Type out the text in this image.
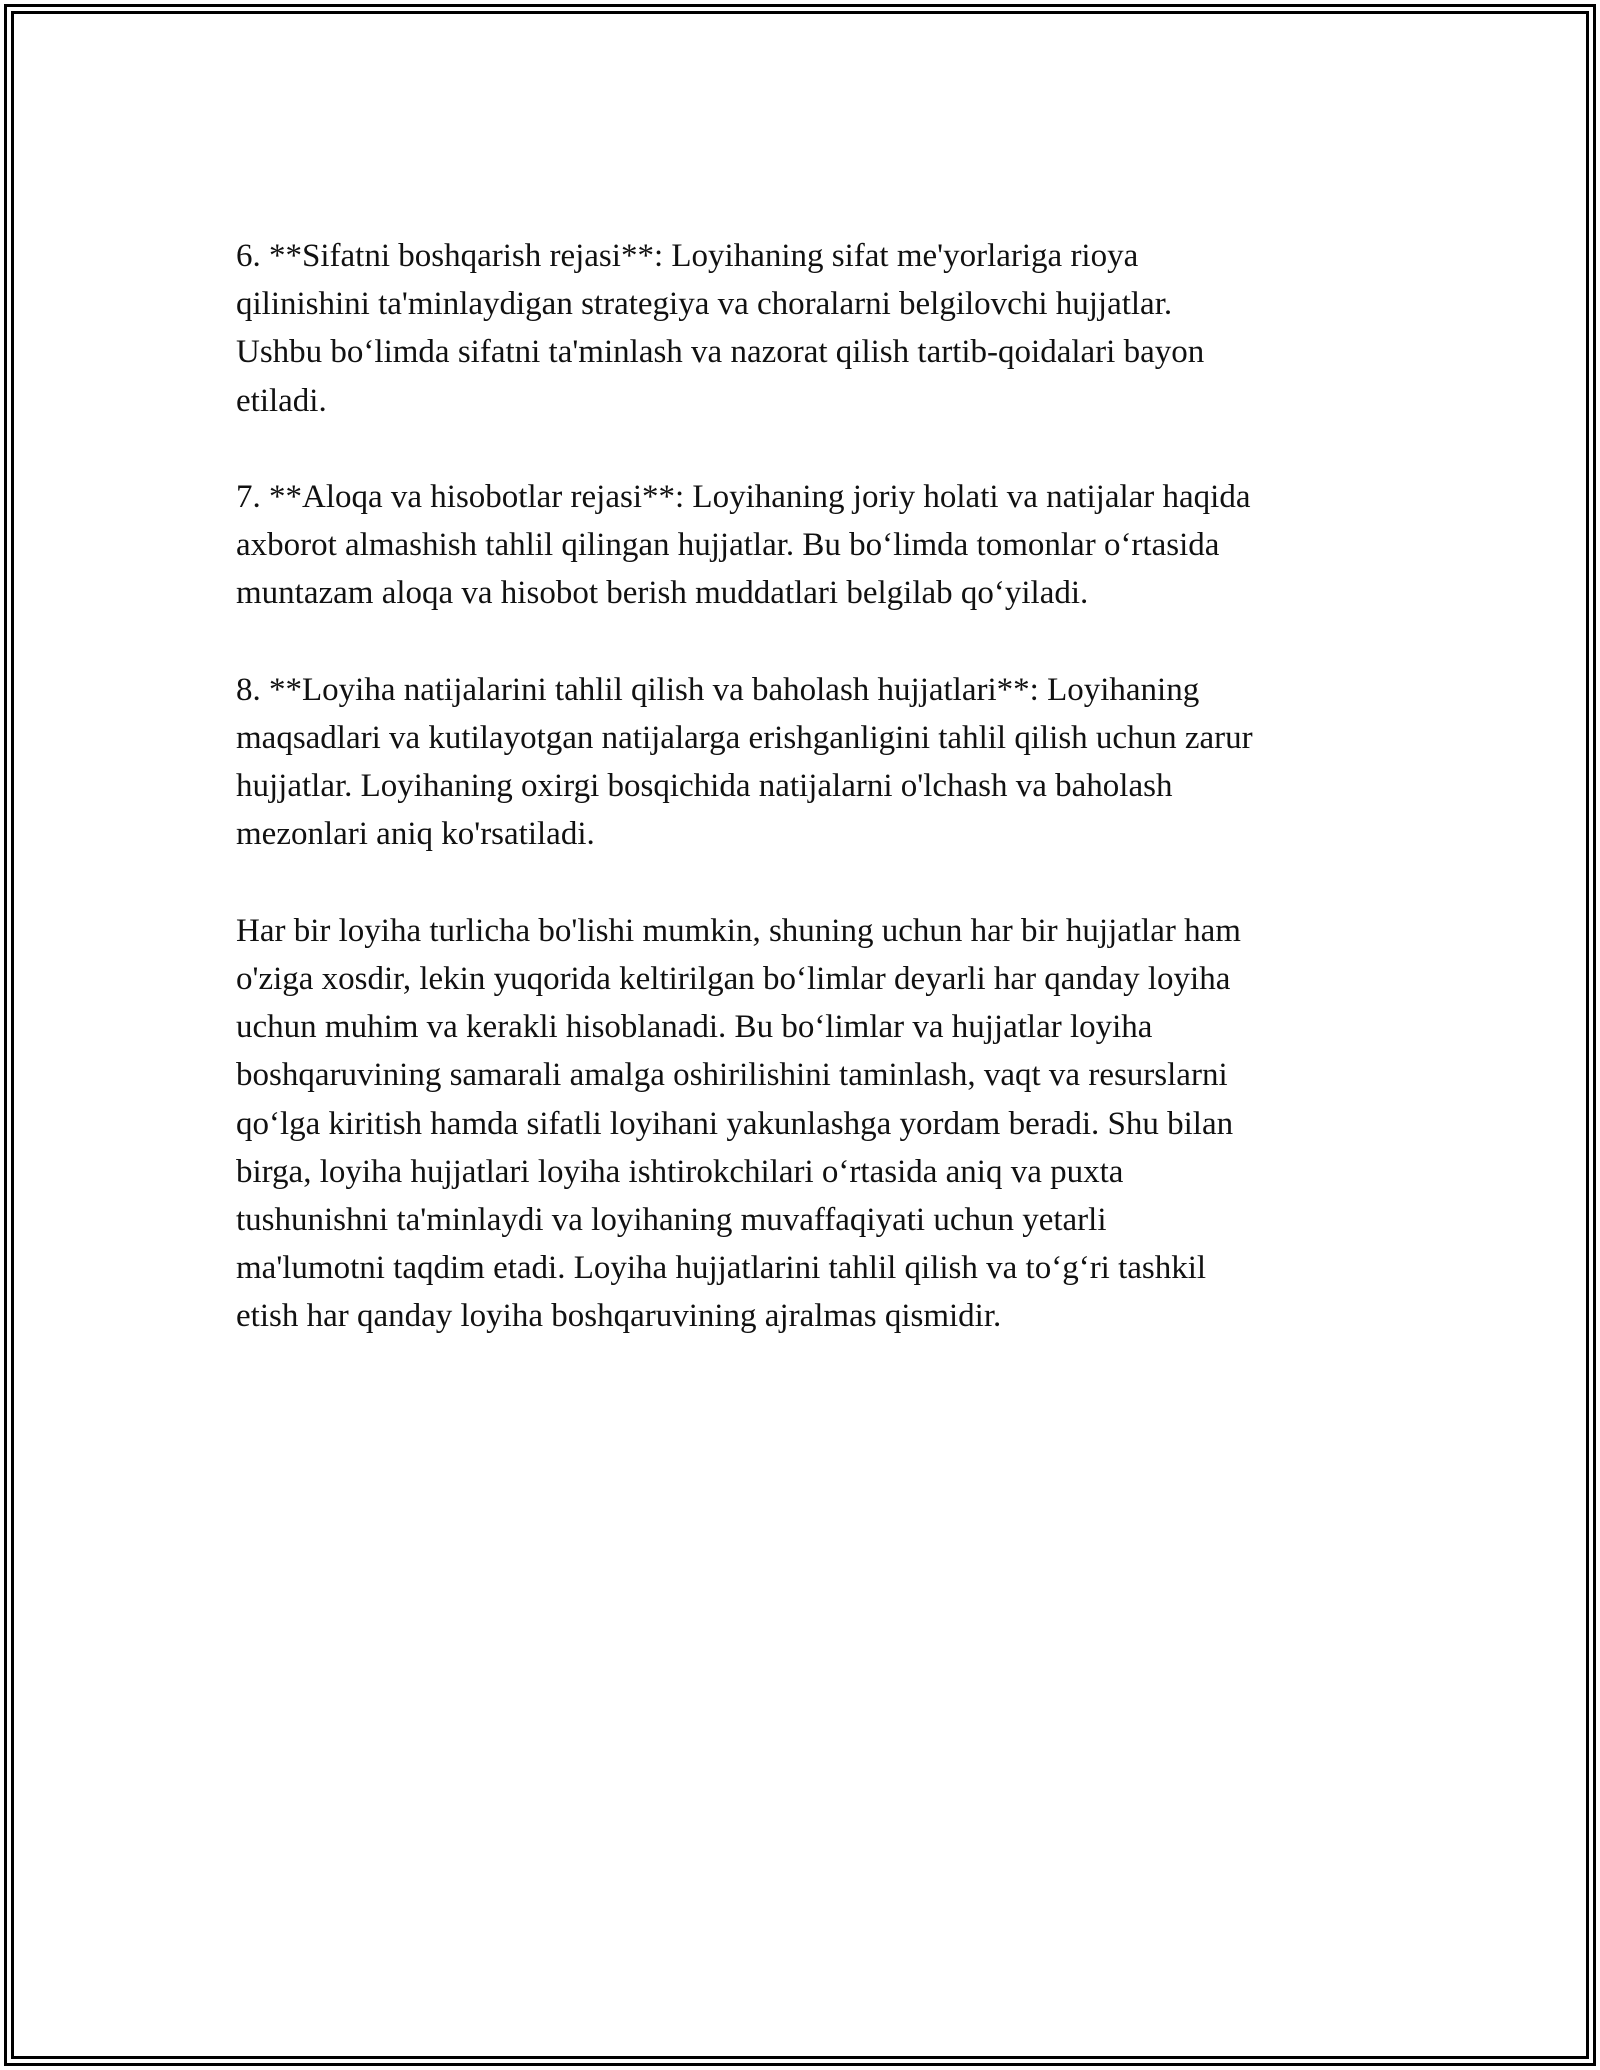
6. **Sifatni boshqarish rejasi**: Loyihaning sifat me'yorlariga rioya
qilinishini ta'minlaydigan strategiya va choralarni belgilovchi hujjatlar.
Ushbu bo‘limda sifatni ta'minlash va nazorat qilish tartib-qoidalari bayon
etiladi.

7. **Aloqa va hisobotlar rejasi**: Loyihaning joriy holati va natijalar haqida
axborot almashish tahlil qilingan hujjatlar. Bu bo‘limda tomonlar o‘rtasida
muntazam aloqa va hisobot berish muddatlari belgilab qo‘yiladi.

8. **Loyiha natijalarini tahlil qilish va baholash hujjatlari**: Loyihaning
maqsadlari va kutilayotgan natijalarga erishganligini tahlil qilish uchun zarur
hujjatlar. Loyihaning oxirgi bosqichida natijalarni o'lchash va baholash
mezonlari aniq ko'rsatiladi.

Har bir loyiha turlicha bo'lishi mumkin, shuning uchun har bir hujjatlar ham
o'ziga xosdir, lekin yuqorida keltirilgan bo‘limlar deyarli har qanday loyiha
uchun muhim va kerakli hisoblanadi. Bu bo‘limlar va hujjatlar loyiha
boshqaruvining samarali amalga oshirilishini taminlash, vaqt va resurslarni
qo‘lga kiritish hamda sifatli loyihani yakunlashga yordam beradi. Shu bilan
birga, loyiha hujjatlari loyiha ishtirokchilari o‘rtasida aniq va puxta
tushunishni ta'minlaydi va loyihaning muvaffaqiyati uchun yetarli
ma'lumotni taqdim etadi. Loyiha hujjatlarini tahlil qilish va to‘g‘ri tashkil
etish har qanday loyiha boshqaruvining ajralmas qismidir.
